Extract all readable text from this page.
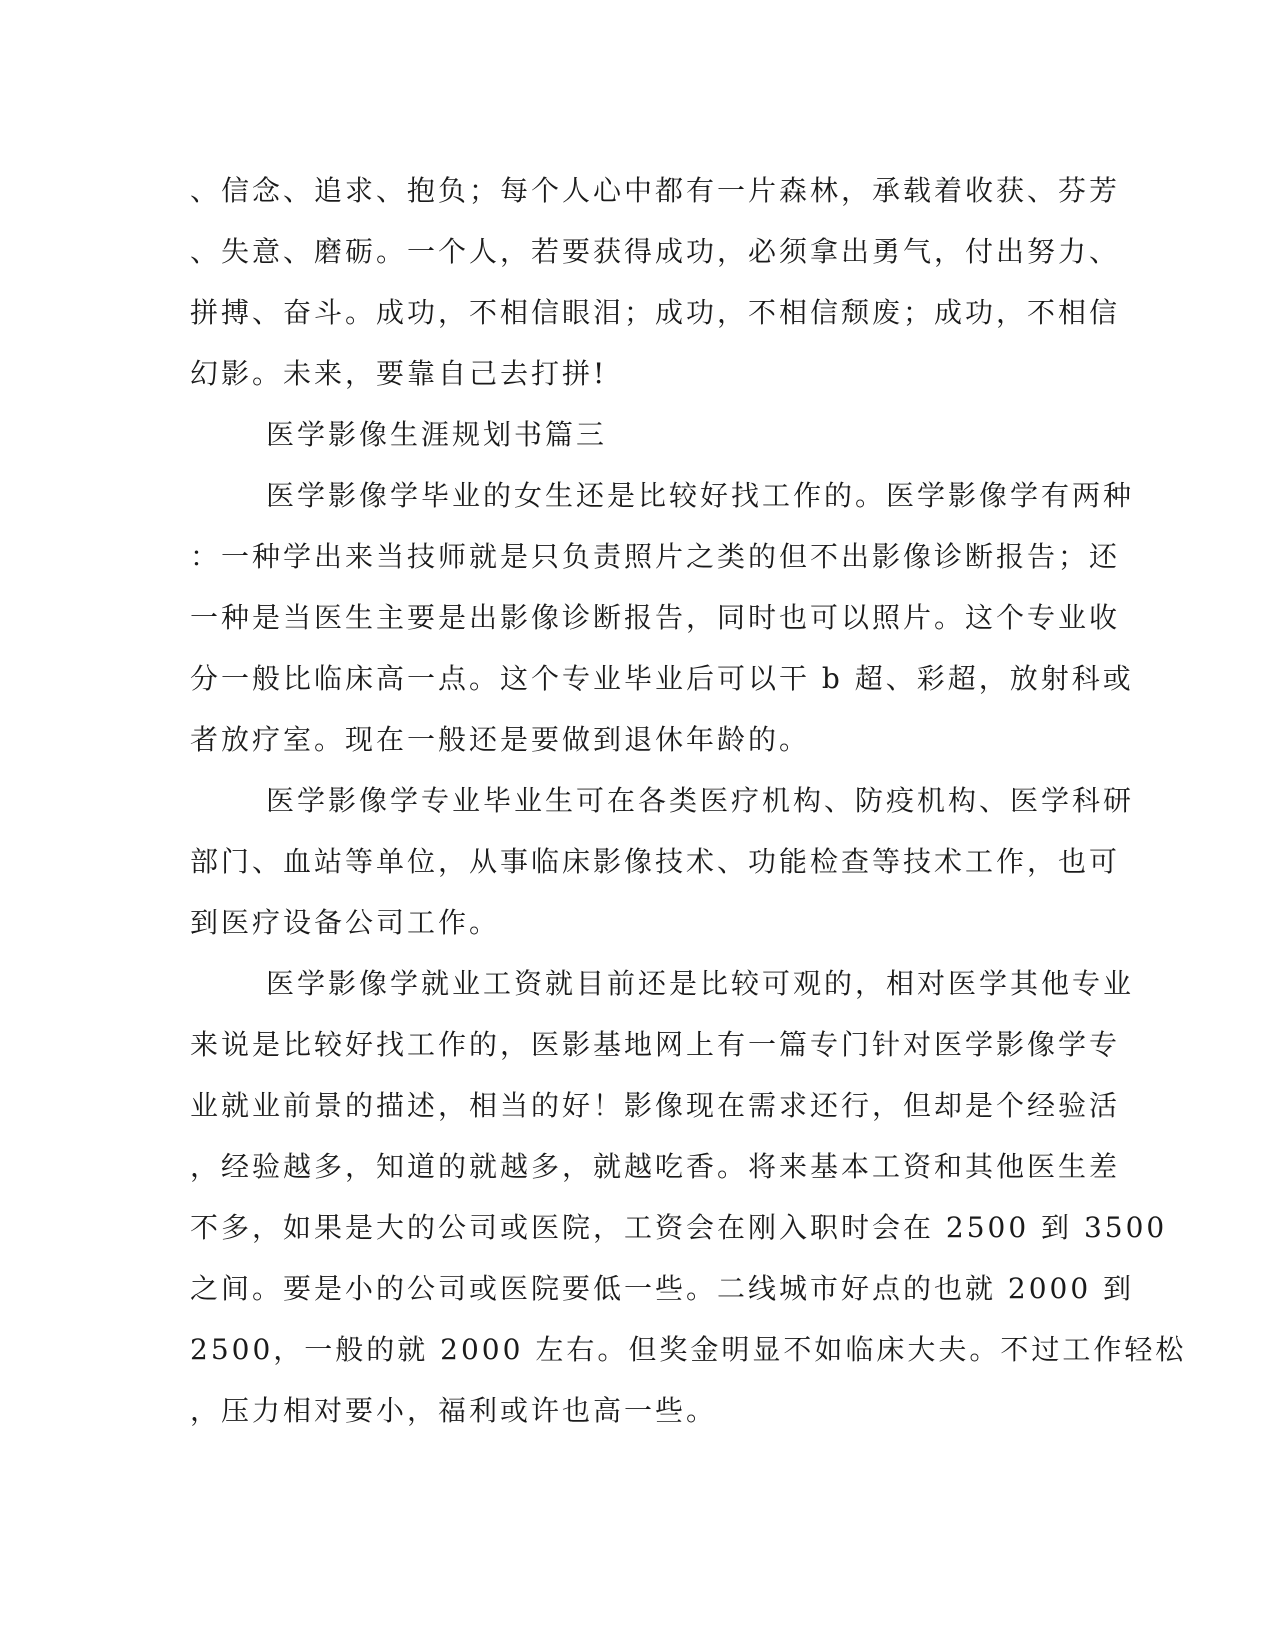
、信念、追求、抱负；每个人心中都有一片森林，承载着收获、芬芳
、失意、磨砺。一个人，若要获得成功，必须拿出勇气，付出努力、
拼搏、奋斗。成功，不相信眼泪；成功，不相信颓废；成功，不相信
幻影。未来，要靠自己去打拼!
医学影像生涯规划书篇三
医学影像学毕业的女生还是比较好找工作的。医学影像学有两种
：一种学出来当技师就是只负责照片之类的但不出影像诊断报告；还
一种是当医生主要是出影像诊断报告，同时也可以照片。这个专业收
分一般比临床高一点。这个专业毕业后可以干 b 超、彩超，放射科或
者放疗室。现在一般还是要做到退休年龄的。
医学影像学专业毕业生可在各类医疗机构、防疫机构、医学科研
部门、血站等单位，从事临床影像技术、功能检查等技术工作，也可
到医疗设备公司工作。
医学影像学就业工资就目前还是比较可观的，相对医学其他专业
来说是比较好找工作的，医影基地网上有一篇专门针对医学影像学专
业就业前景的描述，相当的好！影像现在需求还行，但却是个经验活
，经验越多，知道的就越多，就越吃香。将来基本工资和其他医生差
不多，如果是大的公司或医院，工资会在刚入职时会在 2500 到 3500
之间。要是小的公司或医院要低一些。二线城市好点的也就 2000 到
2500，一般的就 2000 左右。但奖金明显不如临床大夫。不过工作轻松
，压力相对要小，福利或许也高一些。
